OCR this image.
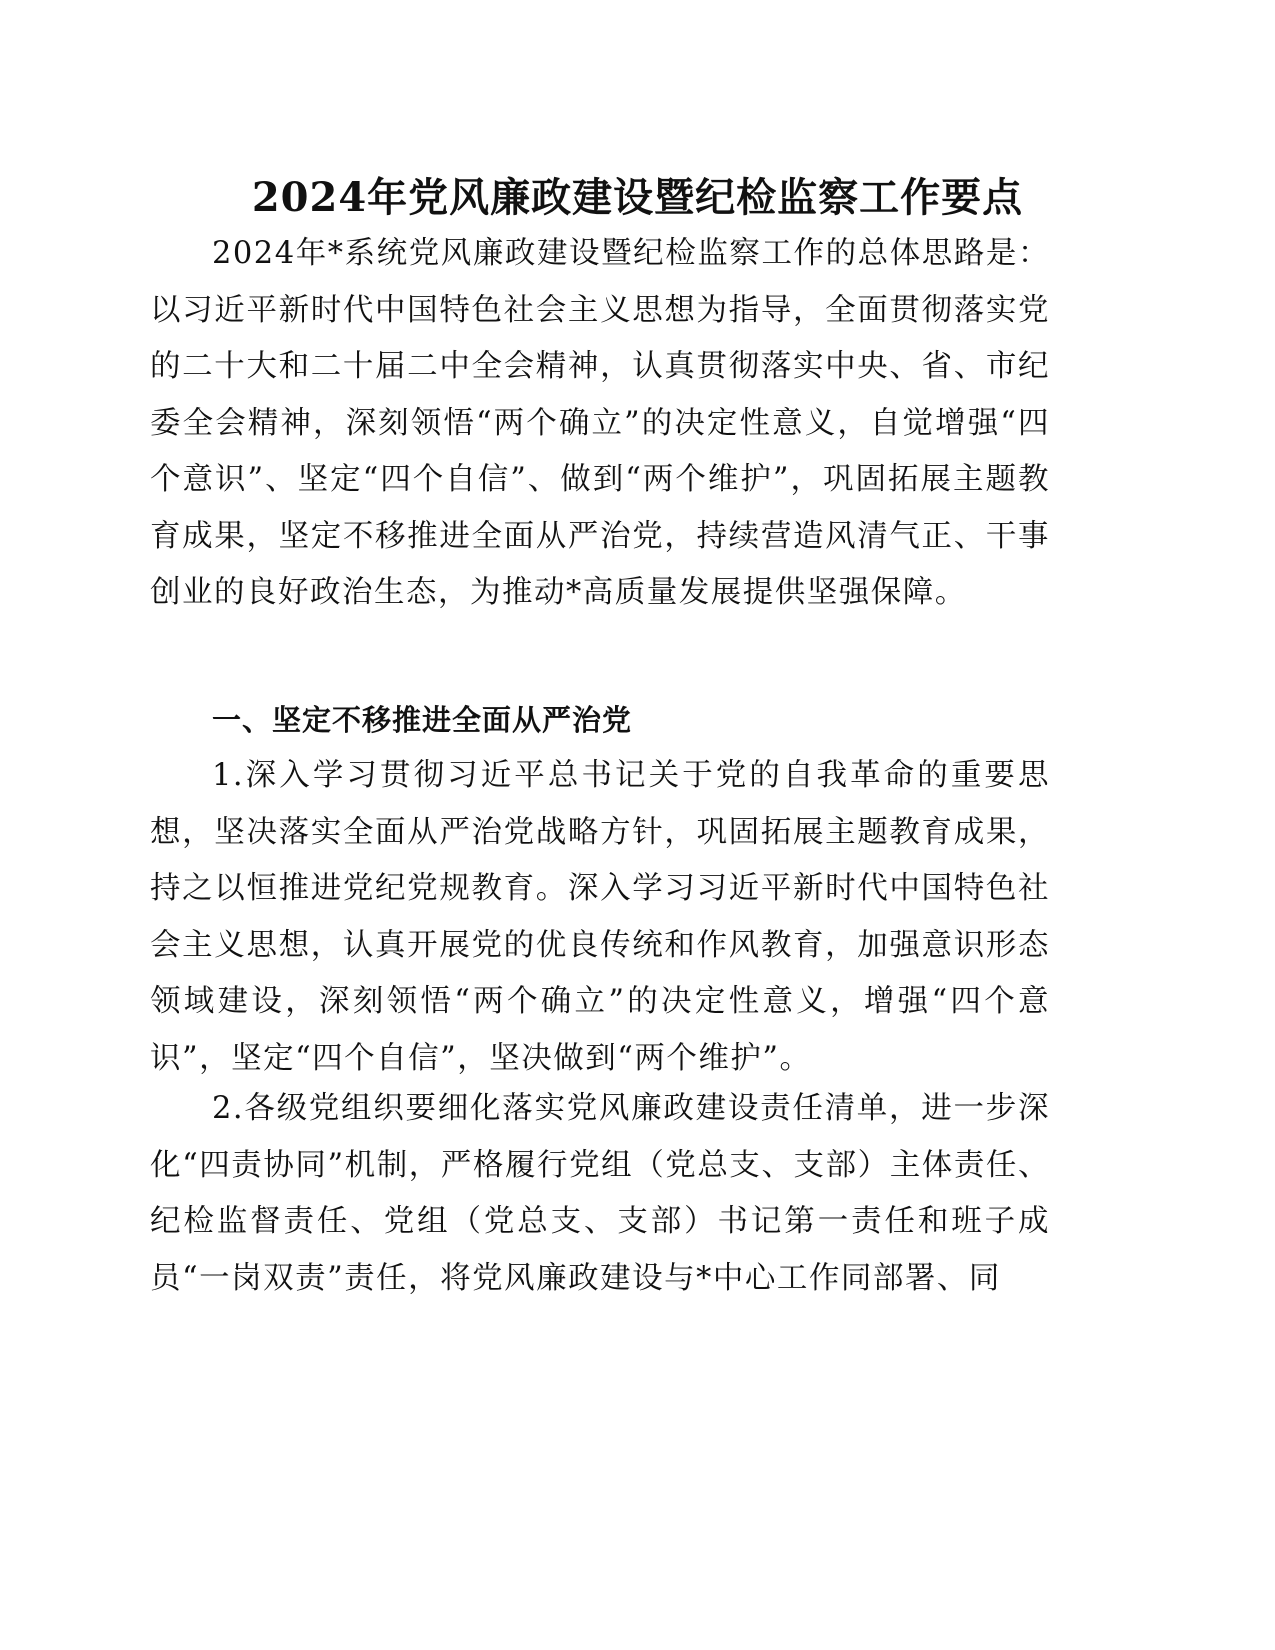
2024年党风廉政建设暨纪检监察工作要点

2024年*系统党风廉政建设暨纪检监察工作的总体思路是：以习近平新时代中国特色社会主义思想为指导，全面贯彻落实党的二十大和二十届二中全会精神，认真贯彻落实中央、省、市纪委全会精神，深刻领悟“两个确立”的决定性意义，自觉增强“四个意识”、坚定“四个自信”、做到“两个维护”，巩固拓展主题教育成果，坚定不移推进全面从严治党，持续营造风清气正、干事创业的良好政治生态，为推动*高质量发展提供坚强保障。

一、坚定不移推进全面从严治党

1.深入学习贯彻习近平总书记关于党的自我革命的重要思想，坚决落实全面从严治党战略方针，巩固拓展主题教育成果，持之以恒推进党纪党规教育。深入学习习近平新时代中国特色社会主义思想，认真开展党的优良传统和作风教育，加强意识形态领域建设，深刻领悟“两个确立”的决定性意义，增强“四个意识”，坚定“四个自信”，坚决做到“两个维护”。

2.各级党组织要细化落实党风廉政建设责任清单，进一步深化“四责协同”机制，严格履行党组（党总支、支部）主体责任、纪检监督责任、党组（党总支、支部）书记第一责任和班子成员“一岗双责”责任，将党风廉政建设与*中心工作同部署、同
